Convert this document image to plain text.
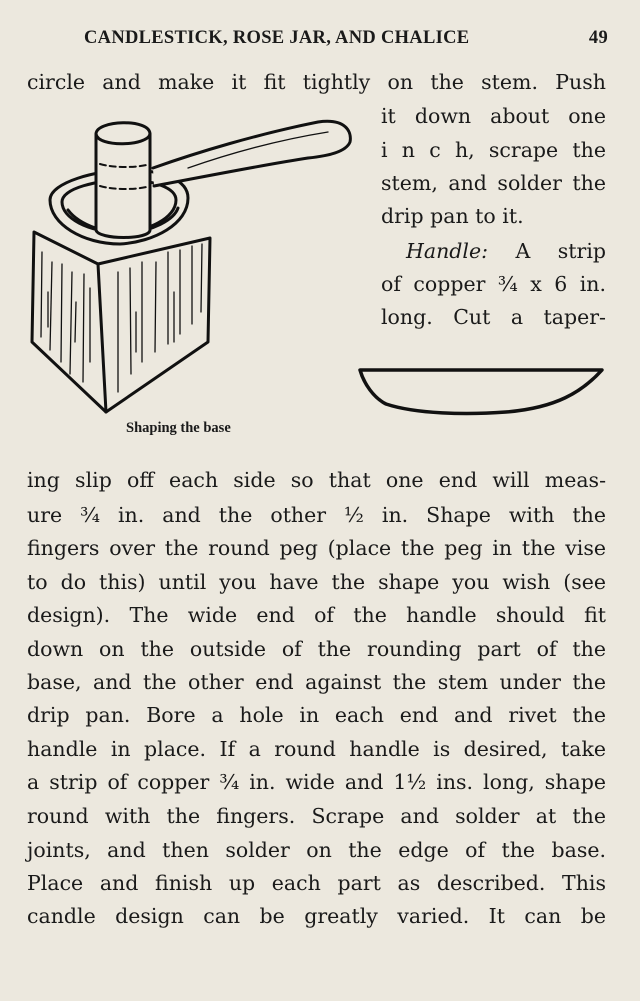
CANDLESTICK, ROSE JAR, AND CHALICE	49
circle and make it fit tightly on the stem. Push
it down about one
i n c h, scrape the
stem, and solder the
drip pan to it.
Handle: A strip
of copper ¾ x 6 in.
long. Cut a taper-
Shaping the base
ing slip off each side so that one end will meas-
ure ¾ in. and the other ½ in. Shape with the
fingers over the round peg (place the peg in the vise
to do this) until you have the shape you wish (see
design). The wide end of the handle should fit
down on the outside of the rounding part of the
base, and the other end against the stem under the
drip pan. Bore a hole in each end and rivet the
handle in place. If a round handle is desired, take
a strip of copper ¾ in. wide and 1½ ins. long, shape
round with the fingers. Scrape and solder at the
joints, and then solder on the edge of the base.
Place and finish up each part as described. This
candle design can be greatly varied. It can be
